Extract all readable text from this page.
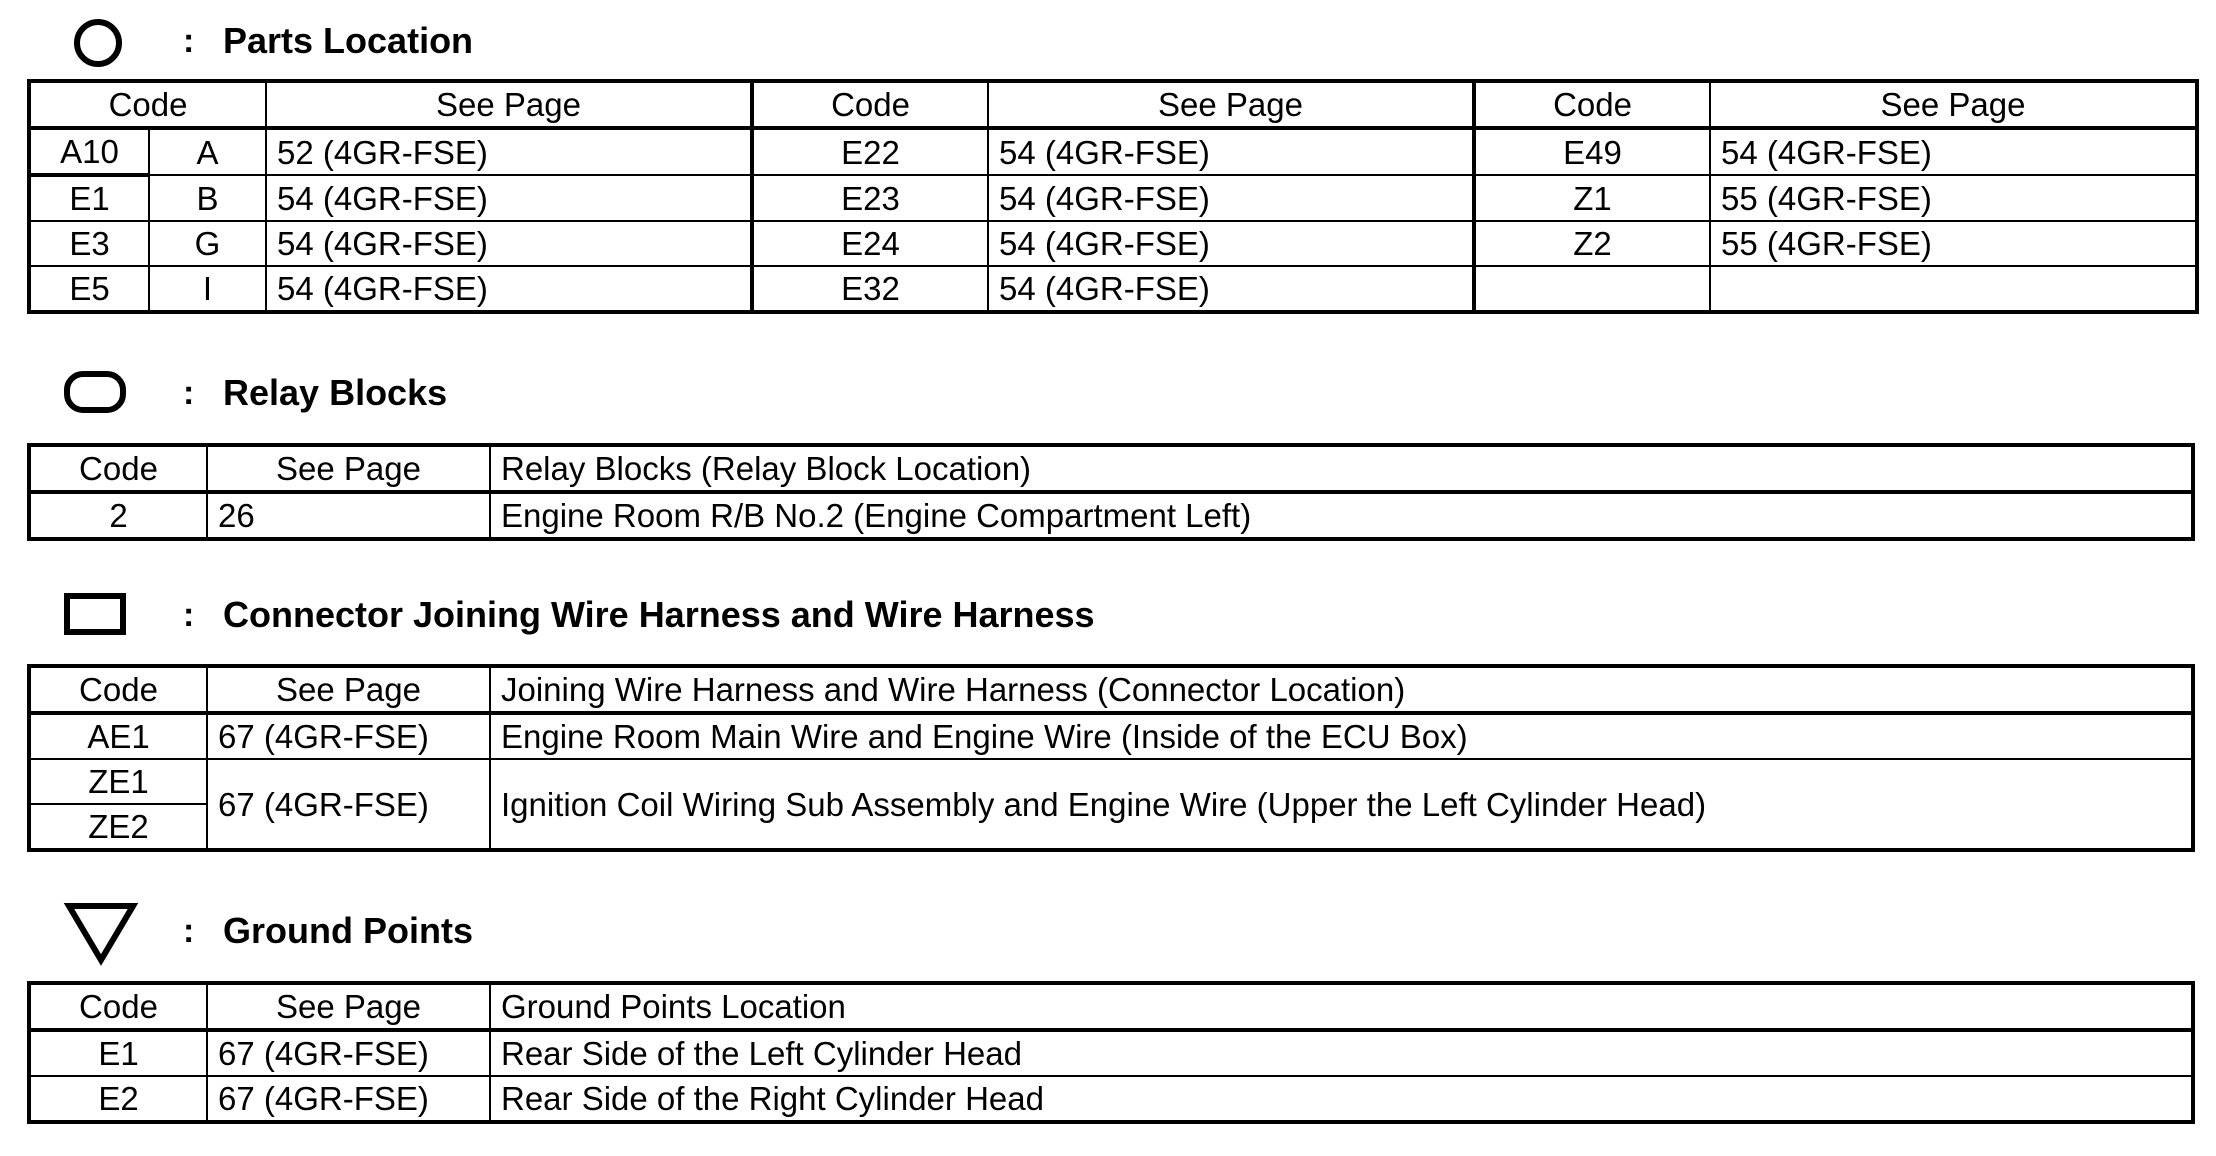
: Parts Location
Code		See Page	Code	See Page	Code	See Page
A10	A	52 (4GR-FSE)	E22	54 (4GR-FSE)	E49	54 (4GR-FSE)
E1	B	54 (4GR-FSE)	E23	54 (4GR-FSE)	Z1	55 (4GR-FSE)
E3	G	54 (4GR-FSE)	E24	54 (4GR-FSE)	Z2	55 (4GR-FSE)
E5	I	54 (4GR-FSE)	E32	54 (4GR-FSE)		
: Relay Blocks
Code	See Page	Relay Blocks (Relay Block Location)
2	26	Engine Room R/B No.2 (Engine Compartment Left)
: Connector Joining Wire Harness and Wire Harness
Code	See Page	Joining Wire Harness and Wire Harness (Connector Location)
AE1	67 (4GR-FSE)	Engine Room Main Wire and Engine Wire (Inside of the ECU Box)
ZE1	67 (4GR-FSE)	Ignition Coil Wiring Sub Assembly and Engine Wire (Upper the Left Cylinder Head)
ZE2		
: Ground Points
Code	See Page	Ground Points Location
E1	67 (4GR-FSE)	Rear Side of the Left Cylinder Head
E2	67 (4GR-FSE)	Rear Side of the Right Cylinder Head
